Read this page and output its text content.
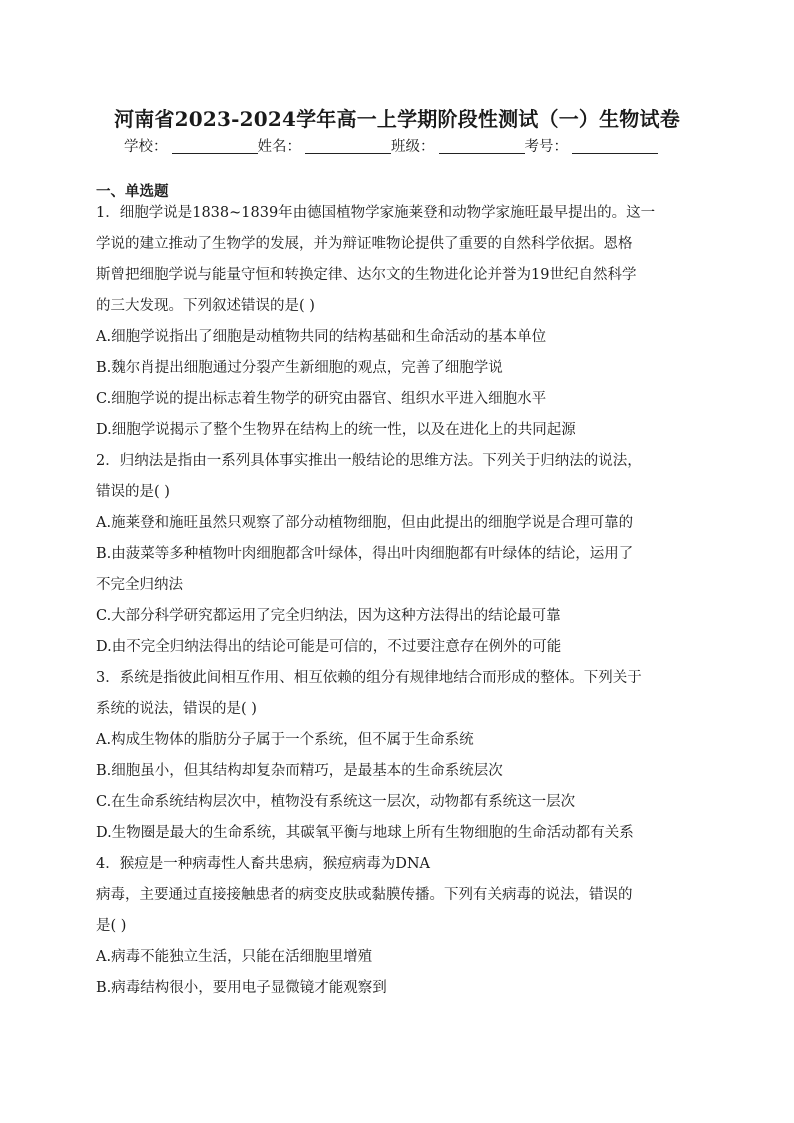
河南省2023-2024学年高一上学期阶段性测试（一）生物试卷
学校：	姓名：	班级：	考号：
一、单选题
1．细胞学说是1838~1839年由德国植物学家施莱登和动物学家施旺最早提出的。这一
学说的建立推动了生物学的发展，并为辩证唯物论提供了重要的自然科学依据。恩格
斯曾把细胞学说与能量守恒和转换定律、达尔文的生物进化论并誉为19世纪自然科学
的三大发现。下列叙述错误的是( )
A.细胞学说指出了细胞是动植物共同的结构基础和生命活动的基本单位
B.魏尔肖提出细胞通过分裂产生新细胞的观点，完善了细胞学说
C.细胞学说的提出标志着生物学的研究由器官、组织水平进入细胞水平
D.细胞学说揭示了整个生物界在结构上的统一性，以及在进化上的共同起源
2．归纳法是指由一系列具体事实推出一般结论的思维方法。下列关于归纳法的说法，
错误的是( )
A.施莱登和施旺虽然只观察了部分动植物细胞，但由此提出的细胞学说是合理可靠的
B.由菠菜等多种植物叶肉细胞都含叶绿体，得出叶肉细胞都有叶绿体的结论，运用了
不完全归纳法
C.大部分科学研究都运用了完全归纳法，因为这种方法得出的结论最可靠
D.由不完全归纳法得出的结论可能是可信的，不过要注意存在例外的可能
3．系统是指彼此间相互作用、相互依赖的组分有规律地结合而形成的整体。下列关于
系统的说法，错误的是( )
A.构成生物体的脂肪分子属于一个系统，但不属于生命系统
B.细胞虽小，但其结构却复杂而精巧，是最基本的生命系统层次
C.在生命系统结构层次中，植物没有系统这一层次，动物都有系统这一层次
D.生物圈是最大的生命系统，其碳氧平衡与地球上所有生物细胞的生命活动都有关系
4．猴痘是一种病毒性人畜共患病，猴痘病毒为DNA
病毒，主要通过直接接触患者的病变皮肤或黏膜传播。下列有关病毒的说法，错误的
是( )
A.病毒不能独立生活，只能在活细胞里增殖
B.病毒结构很小，要用电子显微镜才能观察到
